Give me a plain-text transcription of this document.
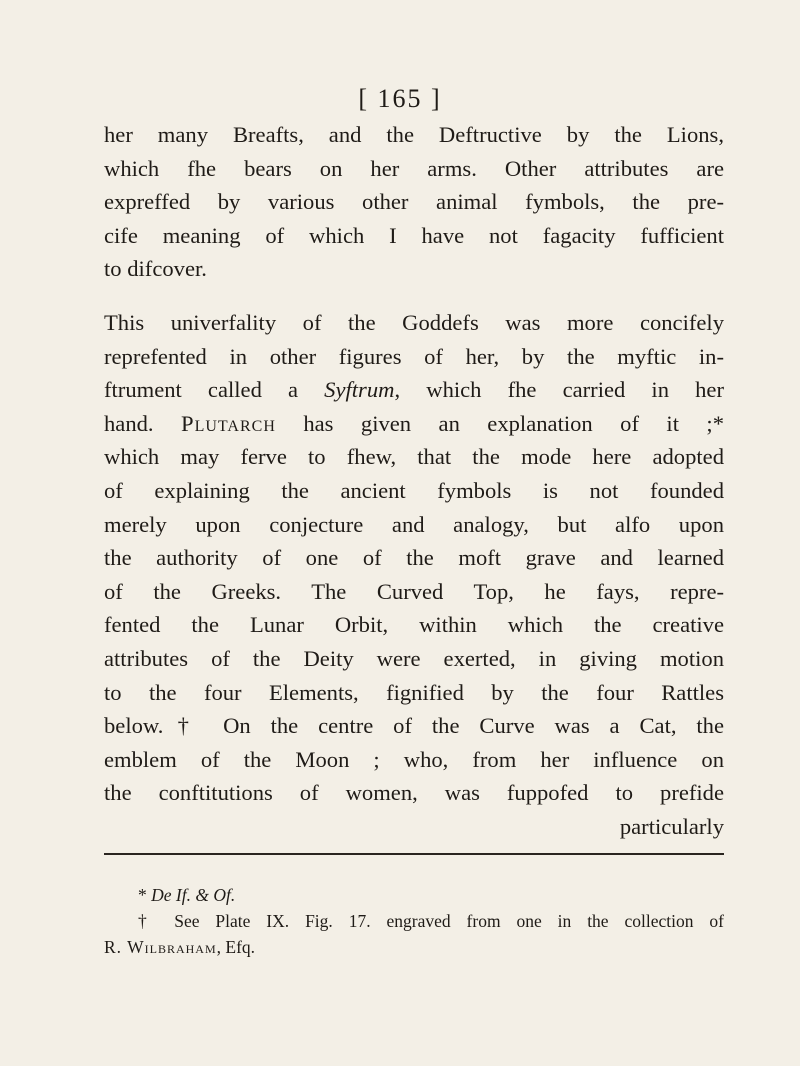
[ 165 ]
her many Breafts, and the Deftructive by the Lions,
which fhe bears on her arms. Other attributes are
expreffed by various other animal fymbols, the pre-
cife meaning of which I have not fagacity fufficient
to difcover.
This univerfality of the Goddefs was more concifely
reprefented in other figures of her, by the myftic in-
ftrument called a Syftrum, which fhe carried in her
hand. Plutarch has given an explanation of it ;*
which may ferve to fhew, that the mode here adopted
of explaining the ancient fymbols is not founded
merely upon conjecture and analogy, but alfo upon
the authority of one of the moft grave and learned
of the Greeks. The Curved Top, he fays, repre-
fented the Lunar Orbit, within which the creative
attributes of the Deity were exerted, in giving motion
to the four Elements, fignified by the four Rattles
below.† On the centre of the Curve was a Cat, the
emblem of the Moon ; who, from her influence on
the conftitutions of women, was fuppofed to prefide
particularly
* De If. & Of.
† See Plate IX. Fig. 17. engraved from one in the collection of
R. Wilbraham, Efq.
